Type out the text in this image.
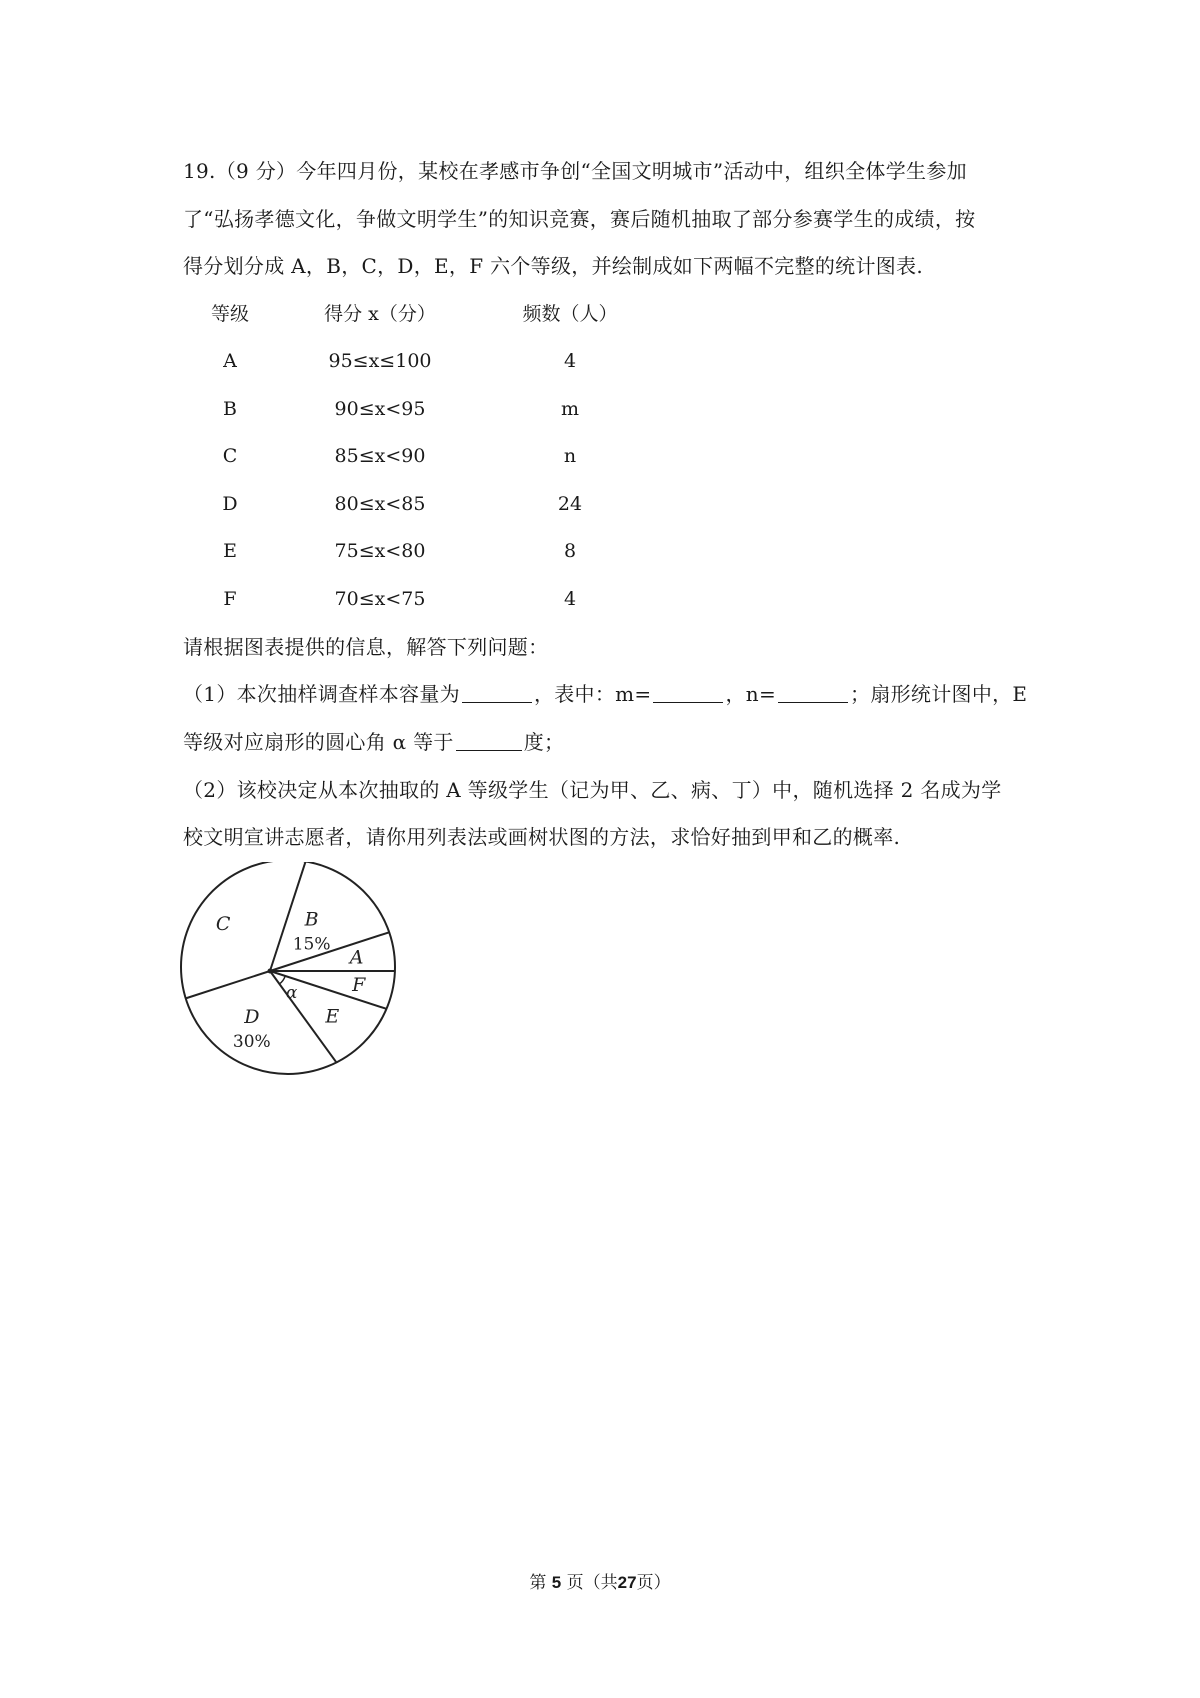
19.（9 分）今年四月份，某校在孝感市争创“全国文明城市”活动中，组织全体学生参加
了“弘扬孝德文化，争做文明学生”的知识竞赛，赛后随机抽取了部分参赛学生的成绩，按
得分划分成 A，B，C，D，E，F 六个等级，并绘制成如下两幅不完整的统计图表.
等级	得分 x（分）	频数（人）
A	95≤x≤100	4
B	90≤x<95	m
C	85≤x<90	n
D	80≤x<85	24
E	75≤x<80	8
F	70≤x<75	4
请根据图表提供的信息，解答下列问题：
（1）本次抽样调查样本容量为	，表中：m=	，n=	；扇形统计图中，E
等级对应扇形的圆心角 α 等于	度；
（2）该校决定从本次抽取的 A 等级学生（记为甲、乙、病、丁）中，随机选择 2 名成为学
校文明宣讲志愿者，请你用列表法或画树状图的方法，求恰好抽到甲和乙的概率.
A
F
E
D
30%
C	B
15%
α
第 5 页（共27页）
